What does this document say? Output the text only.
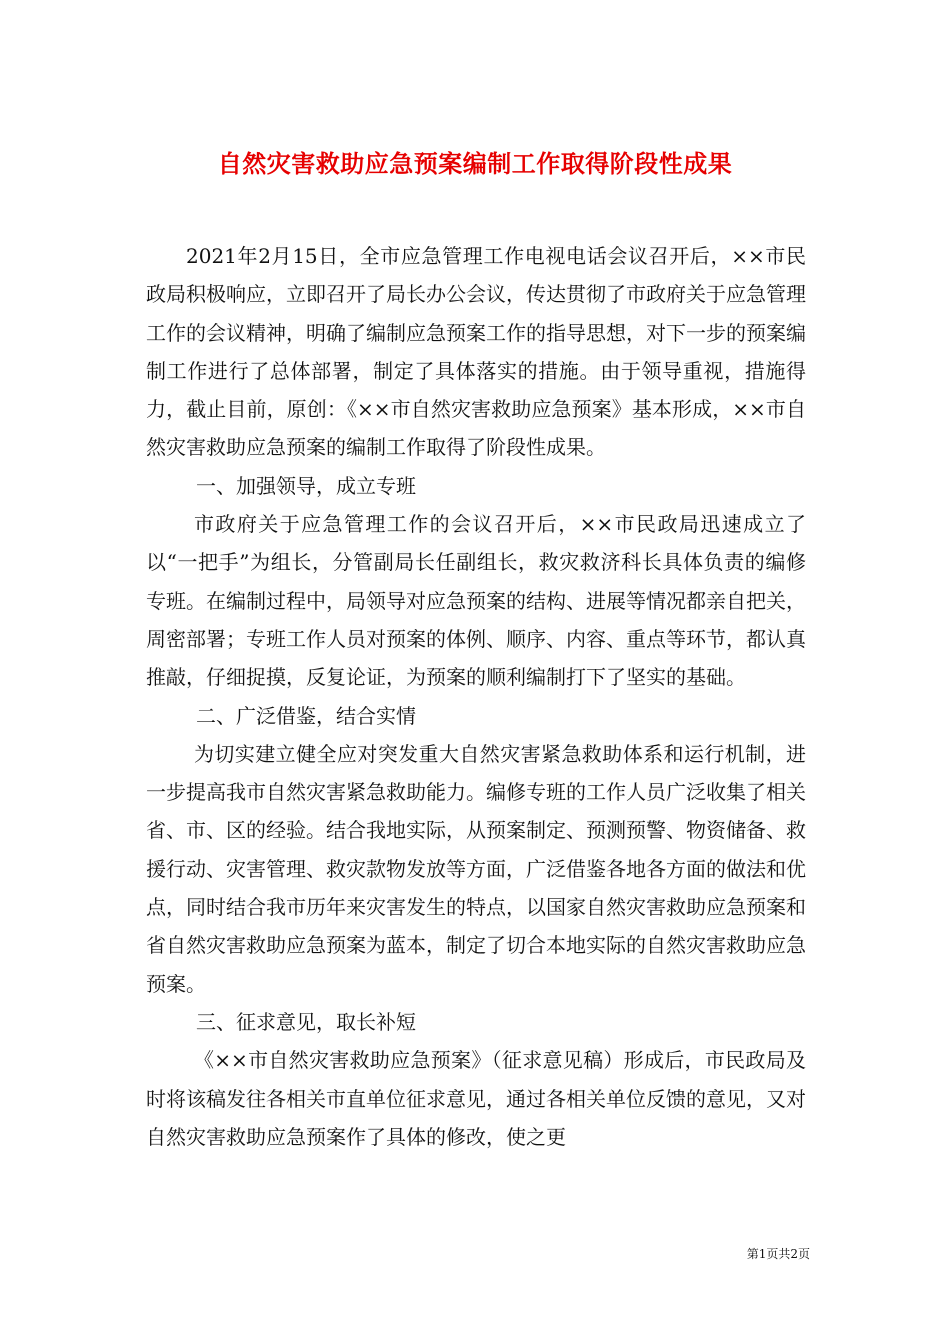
自然灾害救助应急预案编制工作取得阶段性成果

2021年2月15日，全市应急管理工作电视电话会议召开后，××市民政局积极响应，立即召开了局长办公会议，传达贯彻了市政府关于应急管理工作的会议精神，明确了编制应急预案工作的指导思想，对下一步的预案编制工作进行了总体部署，制定了具体落实的措施。由于领导重视，措施得力，截止目前，原创：《××市自然灾害救助应急预案》基本形成，××市自然灾害救助应急预案的编制工作取得了阶段性成果。

一、加强领导，成立专班

市政府关于应急管理工作的会议召开后，××市民政局迅速成立了以“一把手”为组长，分管副局长任副组长，救灾救济科长具体负责的编修专班。在编制过程中，局领导对应急预案的结构、进展等情况都亲自把关，周密部署；专班工作人员对预案的体例、顺序、内容、重点等环节，都认真推敲，仔细捉摸，反复论证，为预案的顺利编制打下了坚实的基础。

二、广泛借鉴，结合实情

为切实建立健全应对突发重大自然灾害紧急救助体系和运行机制，进一步提高我市自然灾害紧急救助能力。编修专班的工作人员广泛收集了相关省、市、区的经验。结合我地实际，从预案制定、预测预警、物资储备、救援行动、灾害管理、救灾款物发放等方面，广泛借鉴各地各方面的做法和优点，同时结合我市历年来灾害发生的特点，以国家自然灾害救助应急预案和省自然灾害救助应急预案为蓝本，制定了切合本地实际的自然灾害救助应急预案。

三、征求意见，取长补短

《××市自然灾害救助应急预案》（征求意见稿）形成后，市民政局及时将该稿发往各相关市直单位征求意见，通过各相关单位反馈的意见，又对自然灾害救助应急预案作了具体的修改，使之更

第1页共2页
